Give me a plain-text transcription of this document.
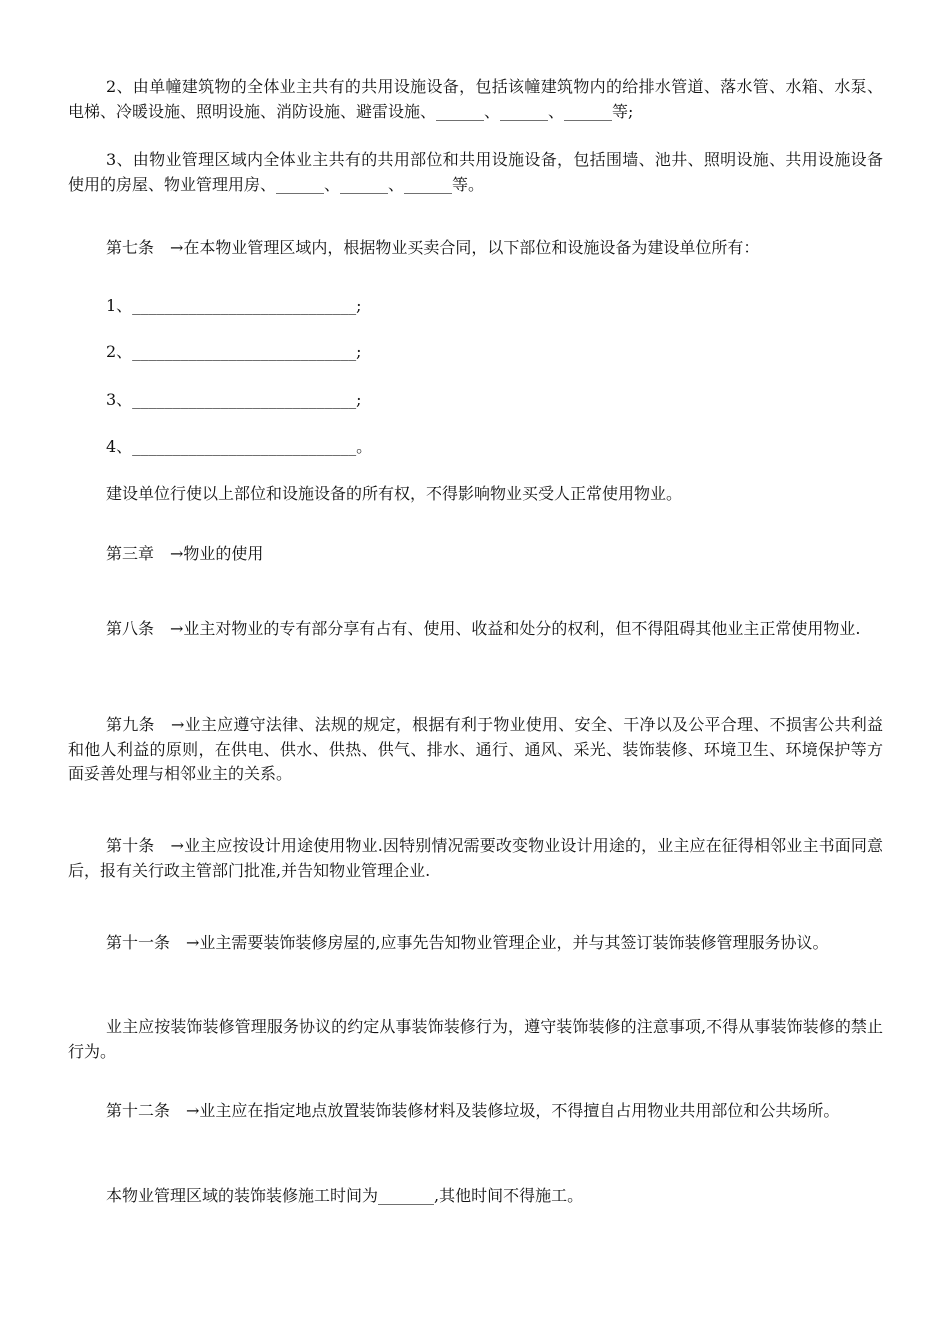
2、由单幢建筑物的全体业主共有的共用设施设备，包括该幢建筑物内的给排水管道、落水管、水箱、水泵、电梯、冷暖设施、照明设施、消防设施、避雷设施、______、______、______等;

3、由物业管理区域内全体业主共有的共用部位和共用设施设备，包括围墙、池井、照明设施、共用设施设备使用的房屋、物业管理用房、______、______、______等。

第七条　→在本物业管理区域内，根据物业买卖合同，以下部位和设施设备为建设单位所有：

1、____________________________;

2、____________________________;

3、____________________________;

4、____________________________。

建设单位行使以上部位和设施设备的所有权，不得影响物业买受人正常使用物业。

第三章　→物业的使用

第八条　→业主对物业的专有部分享有占有、使用、收益和处分的权利，但不得阻碍其他业主正常使用物业.

第九条　→业主应遵守法律、法规的规定，根据有利于物业使用、安全、干净以及公平合理、不损害公共利益和他人利益的原则，在供电、供水、供热、供气、排水、通行、通风、采光、装饰装修、环境卫生、环境保护等方面妥善处理与相邻业主的关系。

第十条　→业主应按设计用途使用物业.因特别情况需要改变物业设计用途的，业主应在征得相邻业主书面同意后，报有关行政主管部门批准,并告知物业管理企业.

第十一条　→业主需要装饰装修房屋的,应事先告知物业管理企业，并与其签订装饰装修管理服务协议。

业主应按装饰装修管理服务协议的约定从事装饰装修行为，遵守装饰装修的注意事项,不得从事装饰装修的禁止行为。

第十二条　→业主应在指定地点放置装饰装修材料及装修垃圾，不得擅自占用物业共用部位和公共场所。

本物业管理区域的装饰装修施工时间为_______,其他时间不得施工。
